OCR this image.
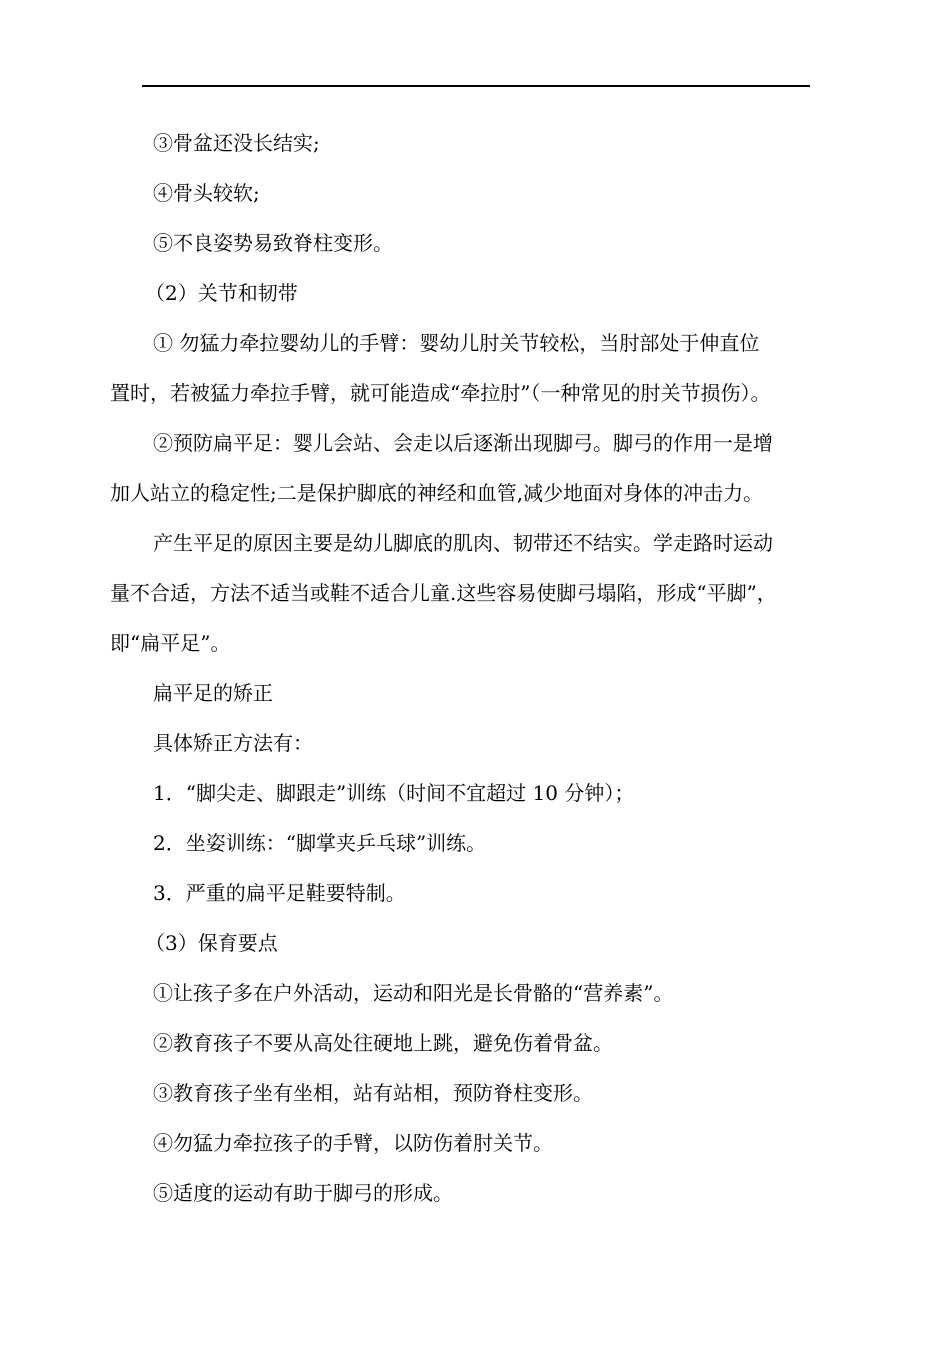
③骨盆还没长结实;

④骨头较软;

⑤不良姿势易致脊柱变形。

（2）关节和韧带

① 勿猛力牵拉婴幼儿的手臂：婴幼儿肘关节较松，当肘部处于伸直位

置时，若被猛力牵拉手臂，就可能造成“牵拉肘”（一种常见的肘关节损伤）。

②预防扁平足：婴儿会站、会走以后逐渐出现脚弓。脚弓的作用一是增

加人站立的稳定性;二是保护脚底的神经和血管,减少地面对身体的冲击力。

产生平足的原因主要是幼儿脚底的肌肉、韧带还不结实。学走路时运动

量不合适，方法不适当或鞋不适合儿童.这些容易使脚弓塌陷，形成“平脚”，

即“扁平足”。

扁平足的矫正

具体矫正方法有：

1．“脚尖走、脚跟走”训练（时间不宜超过 10 分钟）；

2．坐姿训练：“脚掌夹乒乓球”训练。

3．严重的扁平足鞋要特制。

（3）保育要点

①让孩子多在户外活动，运动和阳光是长骨骼的“营养素”。

②教育孩子不要从高处往硬地上跳，避免伤着骨盆。

③教育孩子坐有坐相，站有站相，预防脊柱变形。

④勿猛力牵拉孩子的手臂，以防伤着肘关节。

⑤适度的运动有助于脚弓的形成。
